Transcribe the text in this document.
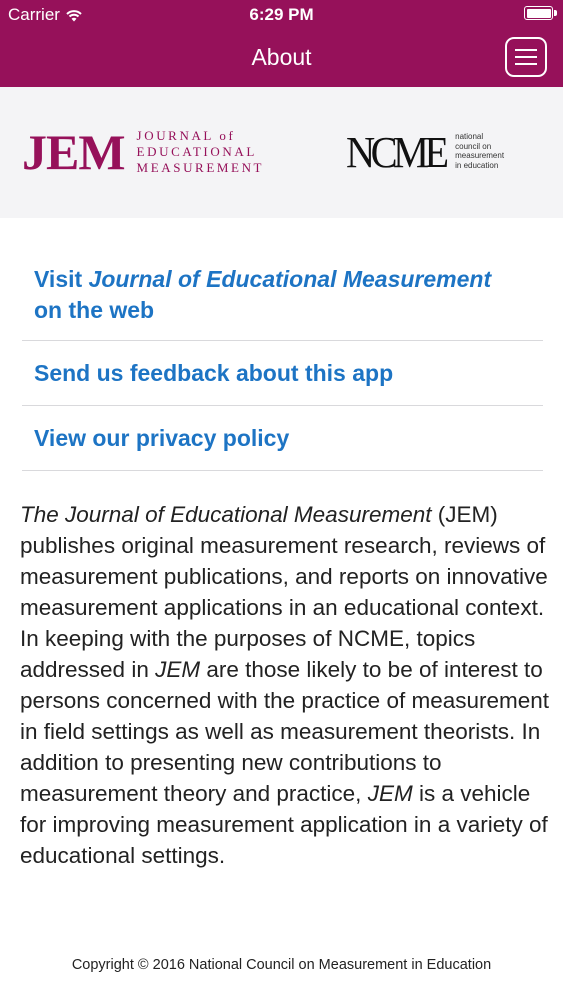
Carrier	6:29 PM
About
JEM JOURNAL of
EDUCATIONAL
MEASUREMENT NCME national
council on
measurement
in education
Visit Journal of Educational Measurement
on the web
Send us feedback about this app
View our privacy policy

The Journal of Educational Measurement (JEM) publishes original measurement research, reviews of measurement publications, and reports on innovative measurement applications in an educational context. In keeping with the purposes of NCME, topics addressed in JEM are those likely to be of interest to persons concerned with the practice of measurement in field settings as well as measurement theorists. In addition to presenting new contributions to measurement theory and practice, JEM is a vehicle for improving measurement application in a variety of educational settings.

Copyright © 2016 National Council on Measurement in Education
